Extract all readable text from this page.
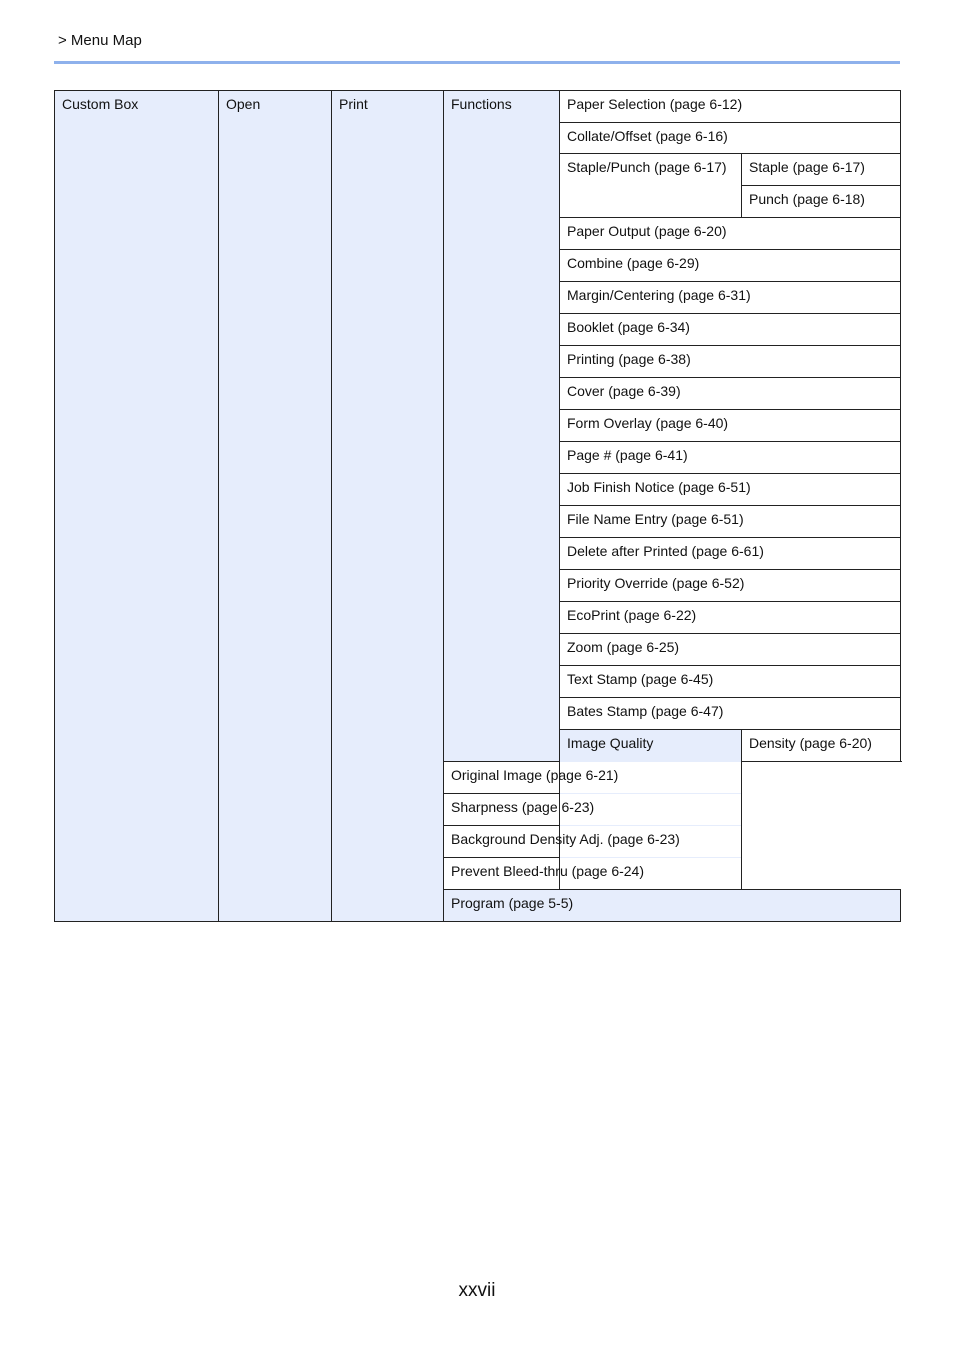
> Menu Map
Custom Box	Open	Print	Functions	Paper Selection (page 6-12)	
				Collate/Offset (page 6-16)	
				Staple/Punch (page 6-17)	Staple (page 6-17)
					Punch (page 6-18)
				Paper Output (page 6-20)	
				Combine (page 6-29)	
				Margin/Centering (page 6-31)	
				Booklet (page 6-34)	
				Printing (page 6-38)	
				Cover (page 6-39)	
				Form Overlay (page 6-40)	
				Page # (page 6-41)	
				Job Finish Notice (page 6-51)	
				File Name Entry (page 6-51)	
				Delete after Printed (page 6-61)	
				Priority Override (page 6-52)	
				EcoPrint (page 6-22)	
				Zoom (page 6-25)	
				Text Stamp (page 6-45)	
				Bates Stamp (page 6-47)	
				Image Quality	Density (page 6-20)
			Original Image (page 6-21)		
			Sharpness (page 6-23)		
			Background Density Adj. (page 6-23)		
			Prevent Bleed-thru (page 6-24)		
			Program (page 5-5)		
xxvii
